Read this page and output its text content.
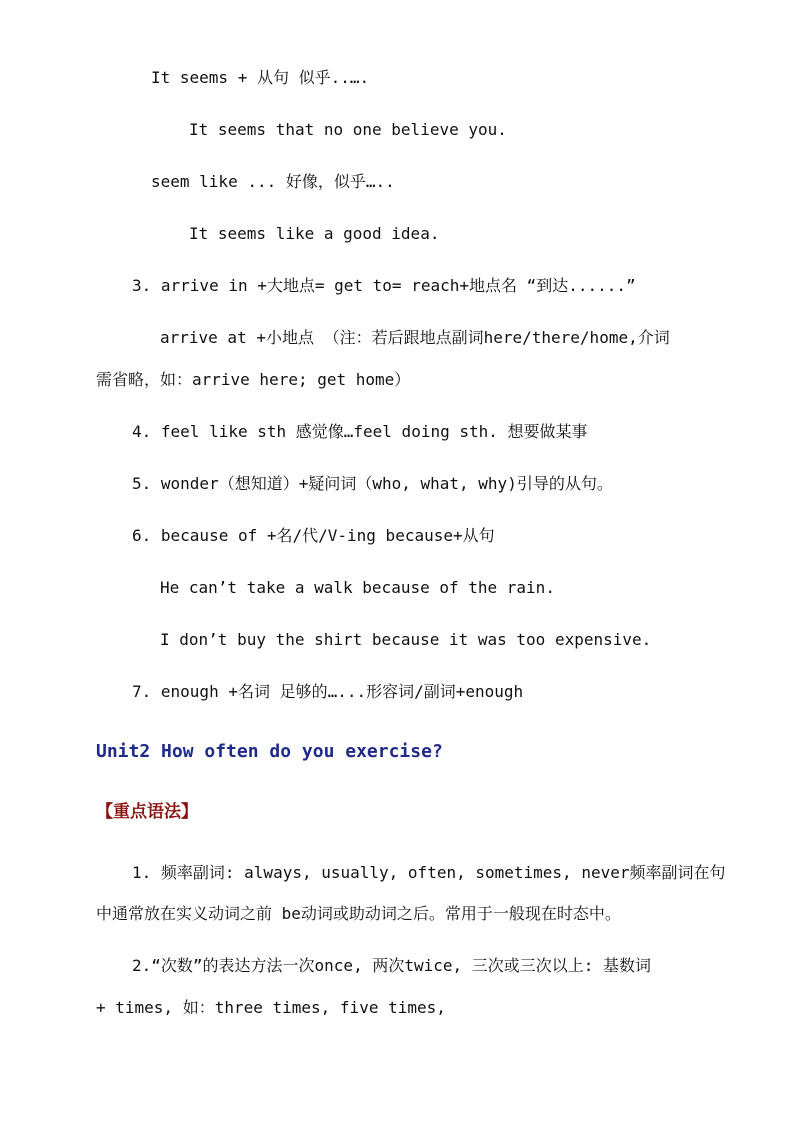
It seems + 从句 似乎..….
It seems that no one believe you.
seem like ... 好像，似乎…..
It seems like a good idea.
3. arrive in +大地点= get to= reach+地点名 “到达......”
arrive at +小地点 （注：若后跟地点副词here/there/home,介词
需省略，如：arrive here; get home）
4. feel like sth 感觉像…feel doing sth. 想要做某事
5. wonder（想知道）+疑问词（who, what, why)引导的从句。
6. because of +名/代/V-ing because+从句
He can’t take a walk because of the rain.
I don’t buy the shirt because it was too expensive.
7. enough +名词 足够的…...形容词/副词+enough
Unit2 How often do you exercise?
【重点语法】
1. 频率副词: always, usually, often, sometimes, never频率副词在句
中通常放在实义动词之前 be动词或助动词之后。常用于一般现在时态中。
2.“次数”的表达方法一次once, 两次twice, 三次或三次以上: 基数词
+ times, 如：three times, five times,
